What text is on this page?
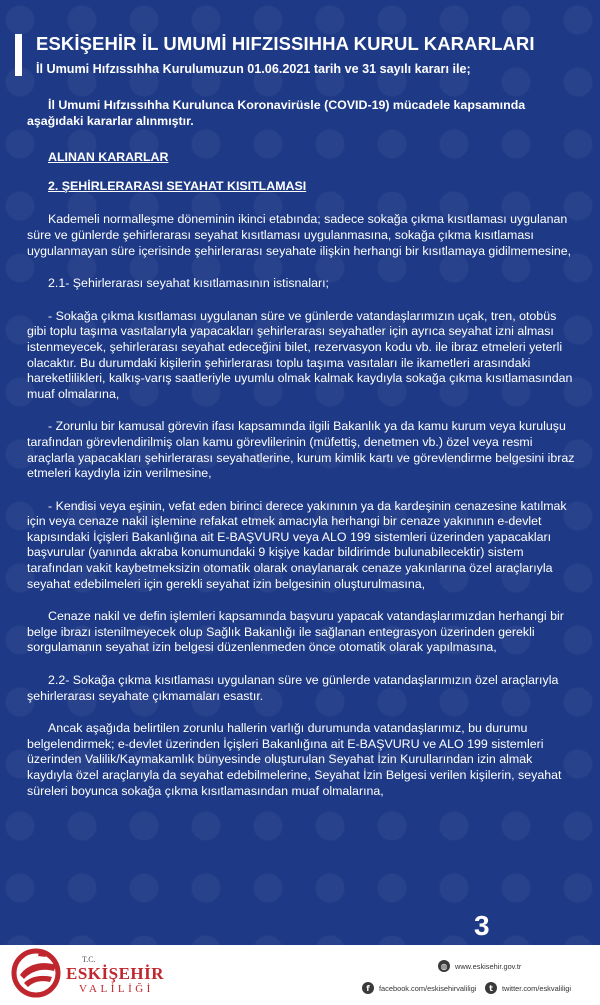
ESKİŞEHİR İL UMUMİ HIFZISSIHHA KURUL KARARLARI
İl Umumi Hıfzıssıhha Kurulumuzun 01.06.2021 tarih ve 31 sayılı kararı ile;

İl Umumi Hıfzıssıhha Kurulunca Koronavirüsle (COVID-19) mücadele kapsamında aşağıdaki kararlar alınmıştır.

ALINAN KARARLAR

2. ŞEHİRLERARASI SEYAHAT KISITLAMASI

Kademeli normalleşme döneminin ikinci etabında; sadece sokağa çıkma kısıtlaması uygulanan süre ve günlerde şehirlerarası seyahat kısıtlaması uygulanmasına, sokağa çıkma kısıtlaması uygulanmayan süre içerisinde şehirlerarası seyahate ilişkin herhangi bir kısıtlamaya gidilmemesine,

2.1- Şehirlerarası seyahat kısıtlamasının istisnaları;

- Sokağa çıkma kısıtlaması uygulanan süre ve günlerde vatandaşlarımızın uçak, tren, otobüs gibi toplu taşıma vasıtalarıyla yapacakları şehirlerarası seyahatler için ayrıca seyahat izni alması istenmeyecek, şehirlerarası seyahat edeceğini bilet, rezervasyon kodu vb. ile ibraz etmeleri yeterli olacaktır. Bu durumdaki kişilerin şehirlerarası toplu taşıma vasıtaları ile ikametleri arasındaki hareketlilikleri, kalkış-varış saatleriyle uyumlu olmak kalmak kaydıyla sokağa çıkma kısıtlamasından muaf olmalarına,

- Zorunlu bir kamusal görevin ifası kapsamında ilgili Bakanlık ya da kamu kurum veya kuruluşu tarafından görevlendirilmiş olan kamu görevlilerinin (müfettiş, denetmen vb.) özel veya resmi araçlarla yapacakları şehirlerarası seyahatlerine, kurum kimlik kartı ve görevlendirme belgesini ibraz etmeleri kaydıyla izin verilmesine,

- Kendisi veya eşinin, vefat eden birinci derece yakınının ya da kardeşinin cenazesine katılmak için veya cenaze nakil işlemine refakat etmek amacıyla herhangi bir cenaze yakınının e-devlet kapısındaki İçişleri Bakanlığına ait E-BAŞVURU veya ALO 199 sistemleri üzerinden yapacakları başvurular (yanında akraba konumundaki 9 kişiye kadar bildirimde bulunabilecektir) sistem tarafından vakit kaybetmeksizin otomatik olarak onaylanarak cenaze yakınlarına özel araçlarıyla seyahat edebilmeleri için gerekli seyahat izin belgesinin oluşturulmasına,

Cenaze nakil ve defin işlemleri kapsamında başvuru yapacak vatandaşlarımızdan herhangi bir belge ibrazı istenilmeyecek olup Sağlık Bakanlığı ile sağlanan entegrasyon üzerinden gerekli sorgulamanın seyahat izin belgesi düzenlenmeden önce otomatik olarak yapılmasına,

2.2- Sokağa çıkma kısıtlaması uygulanan süre ve günlerde vatandaşlarımızın özel araçlarıyla şehirlerarası seyahate çıkmamaları esastır.

Ancak aşağıda belirtilen zorunlu hallerin varlığı durumunda vatandaşlarımız, bu durumu belgelendirmek; e-devlet üzerinden İçişleri Bakanlığına ait E-BAŞVURU ve ALO 199 sistemleri üzerinden Valilik/Kaymakamlık bünyesinde oluşturulan Seyahat İzin Kurullarından izin almak kaydıyla özel araçlarıyla da seyahat edebilmelerine, Seyahat İzin Belgesi verilen kişilerin, seyahat süreleri boyunca sokağa çıkma kısıtlamasından muaf olmalarına,

3
T.C.
ESKİŞEHİR
VALİLİĞİ
◍	www.eskisehir.gov.tr
f	facebook.com/eskisehirvaliligi	t	twitter.com/eskvaliligi
